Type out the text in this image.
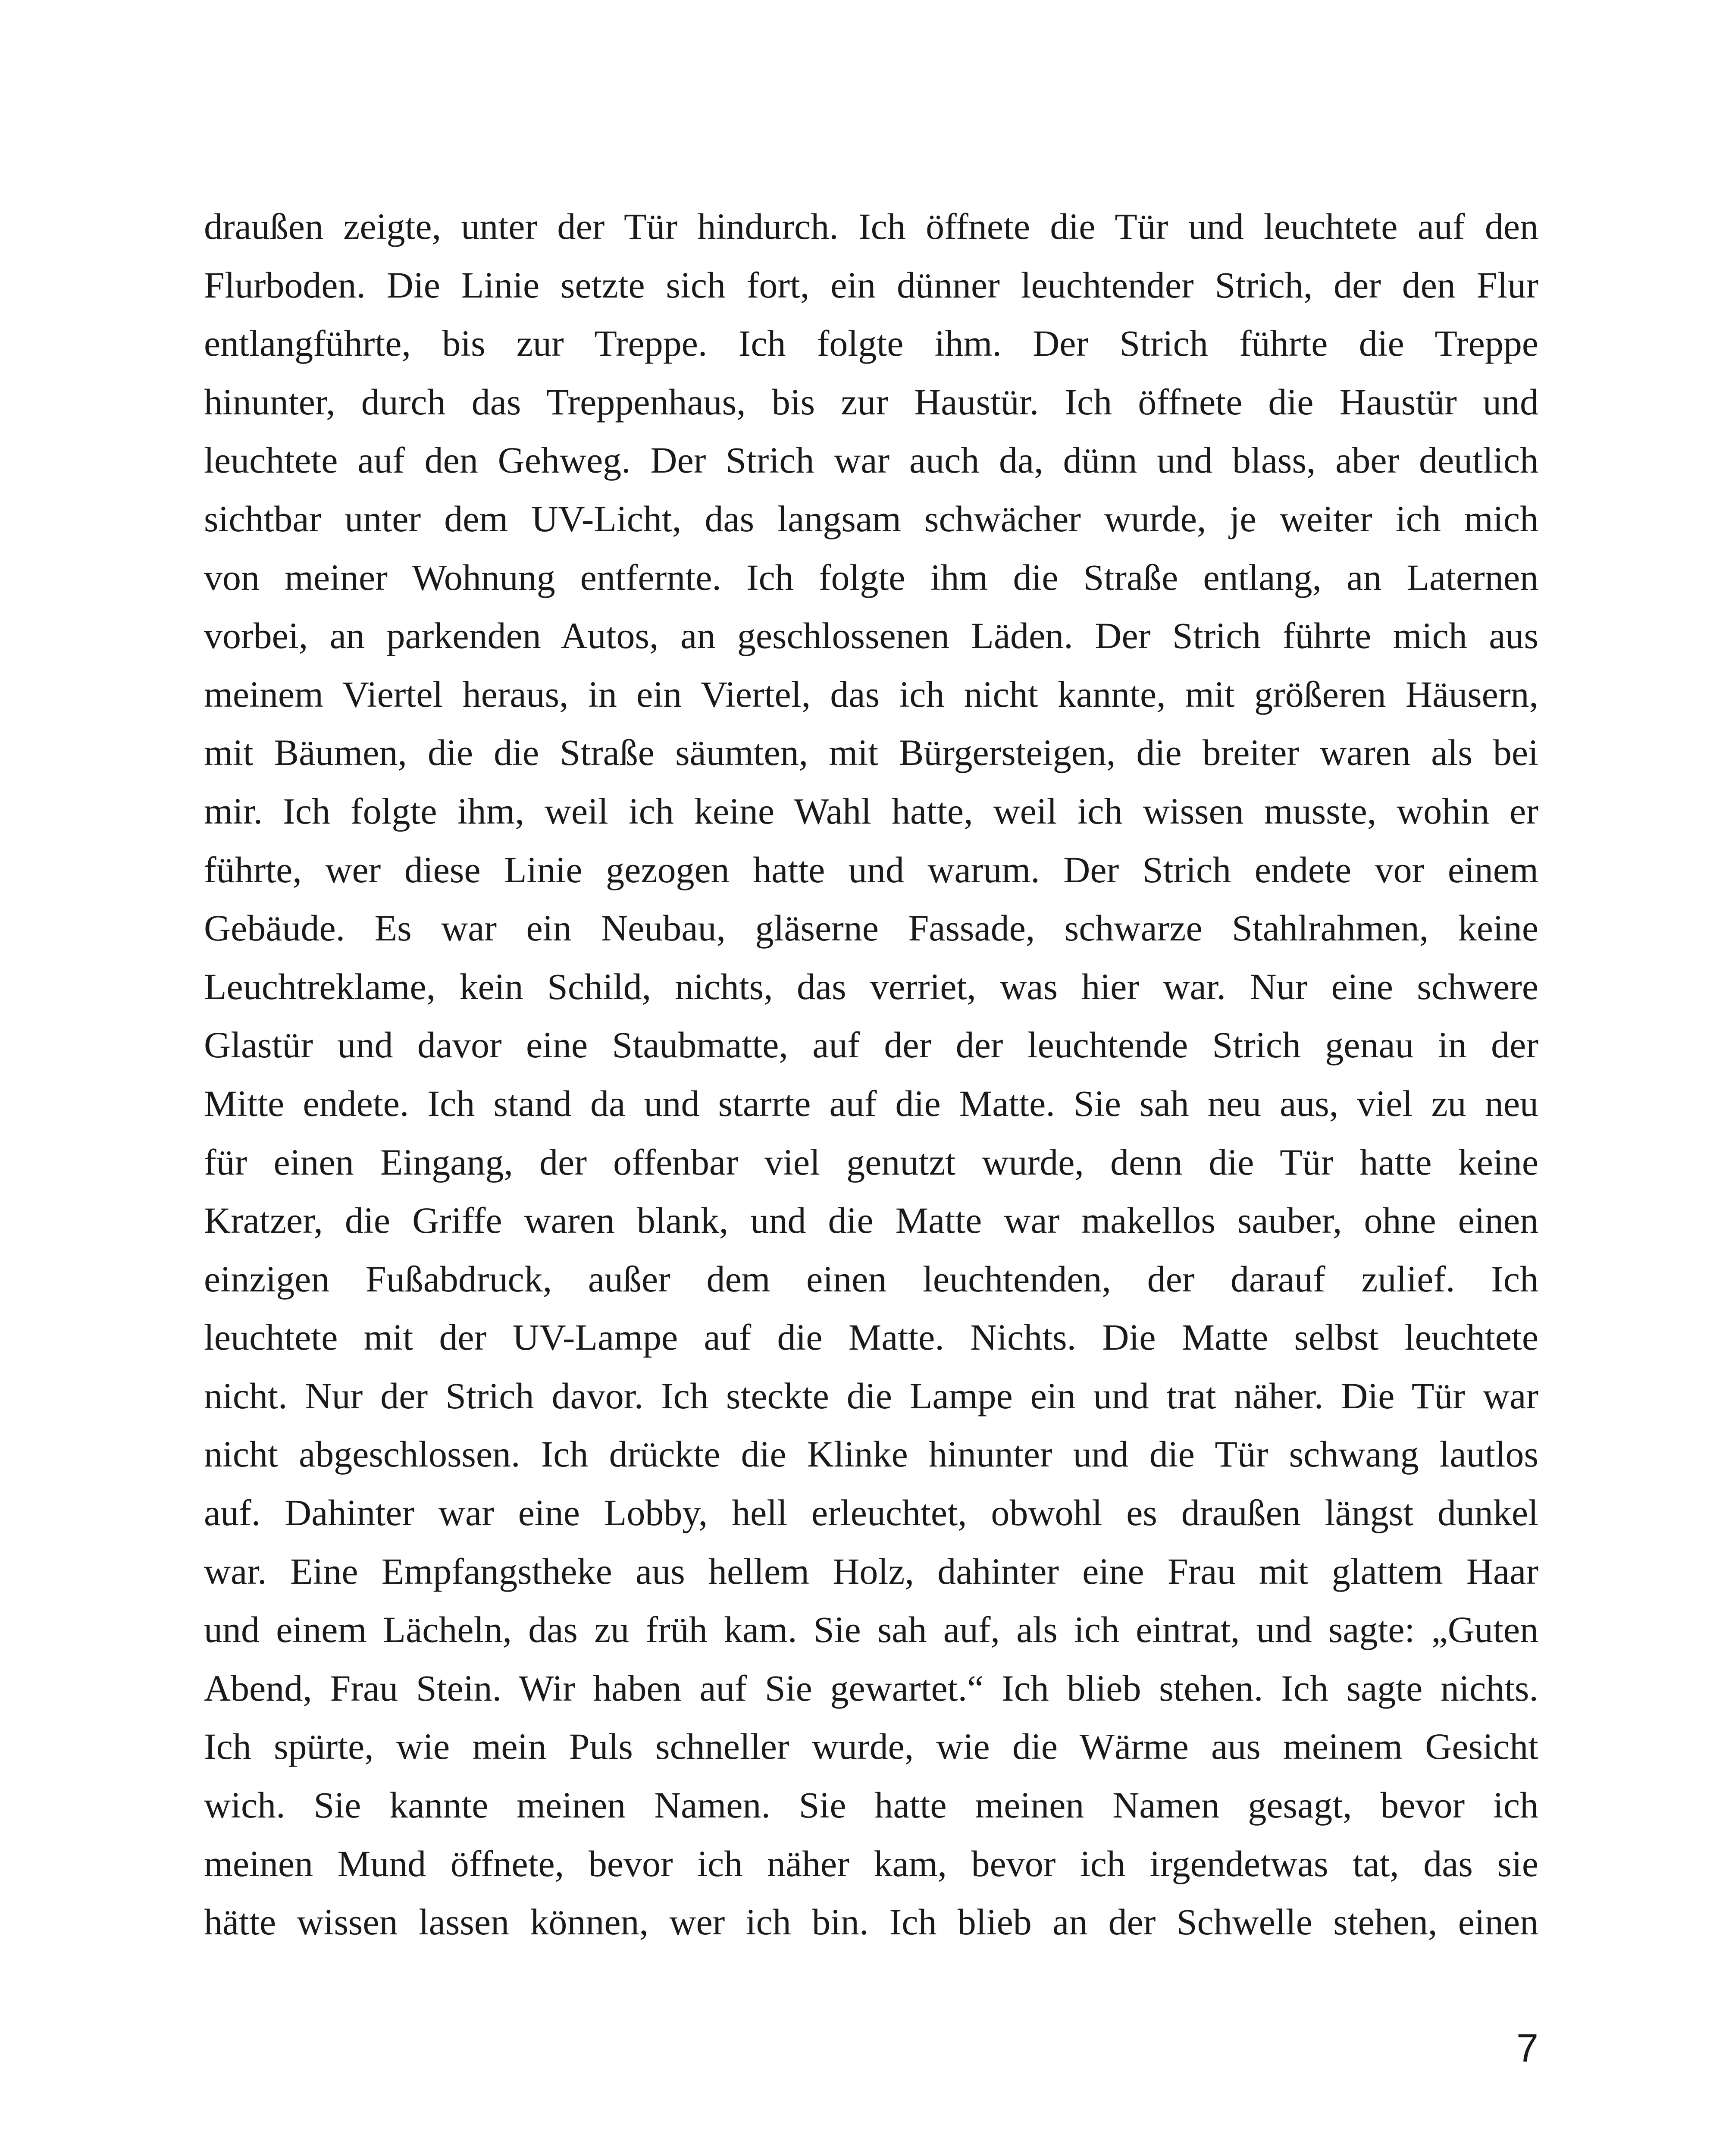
draußen zeigte, unter der Tür hindurch. Ich öffnete die Tür und leuchtete auf den
Flurboden. Die Linie setzte sich fort, ein dünner leuchtender Strich, der den Flur
entlangführte, bis zur Treppe. Ich folgte ihm. Der Strich führte die Treppe
hinunter, durch das Treppenhaus, bis zur Haustür. Ich öffnete die Haustür und
leuchtete auf den Gehweg. Der Strich war auch da, dünn und blass, aber deutlich
sichtbar unter dem UV-Licht, das langsam schwächer wurde, je weiter ich mich
von meiner Wohnung entfernte. Ich folgte ihm die Straße entlang, an Laternen
vorbei, an parkenden Autos, an geschlossenen Läden. Der Strich führte mich aus
meinem Viertel heraus, in ein Viertel, das ich nicht kannte, mit größeren Häusern,
mit Bäumen, die die Straße säumten, mit Bürgersteigen, die breiter waren als bei
mir. Ich folgte ihm, weil ich keine Wahl hatte, weil ich wissen musste, wohin er
führte, wer diese Linie gezogen hatte und warum. Der Strich endete vor einem
Gebäude. Es war ein Neubau, gläserne Fassade, schwarze Stahlrahmen, keine
Leuchtreklame, kein Schild, nichts, das verriet, was hier war. Nur eine schwere
Glastür und davor eine Staubmatte, auf der der leuchtende Strich genau in der
Mitte endete. Ich stand da und starrte auf die Matte. Sie sah neu aus, viel zu neu
für einen Eingang, der offenbar viel genutzt wurde, denn die Tür hatte keine
Kratzer, die Griffe waren blank, und die Matte war makellos sauber, ohne einen
einzigen Fußabdruck, außer dem einen leuchtenden, der darauf zulief. Ich
leuchtete mit der UV-Lampe auf die Matte. Nichts. Die Matte selbst leuchtete
nicht. Nur der Strich davor. Ich steckte die Lampe ein und trat näher. Die Tür war
nicht abgeschlossen. Ich drückte die Klinke hinunter und die Tür schwang lautlos
auf. Dahinter war eine Lobby, hell erleuchtet, obwohl es draußen längst dunkel
war. Eine Empfangstheke aus hellem Holz, dahinter eine Frau mit glattem Haar
und einem Lächeln, das zu früh kam. Sie sah auf, als ich eintrat, und sagte: „Guten
Abend, Frau Stein. Wir haben auf Sie gewartet.“ Ich blieb stehen. Ich sagte nichts.
Ich spürte, wie mein Puls schneller wurde, wie die Wärme aus meinem Gesicht
wich. Sie kannte meinen Namen. Sie hatte meinen Namen gesagt, bevor ich
meinen Mund öffnete, bevor ich näher kam, bevor ich irgendetwas tat, das sie
hätte wissen lassen können, wer ich bin. Ich blieb an der Schwelle stehen, einen

7
